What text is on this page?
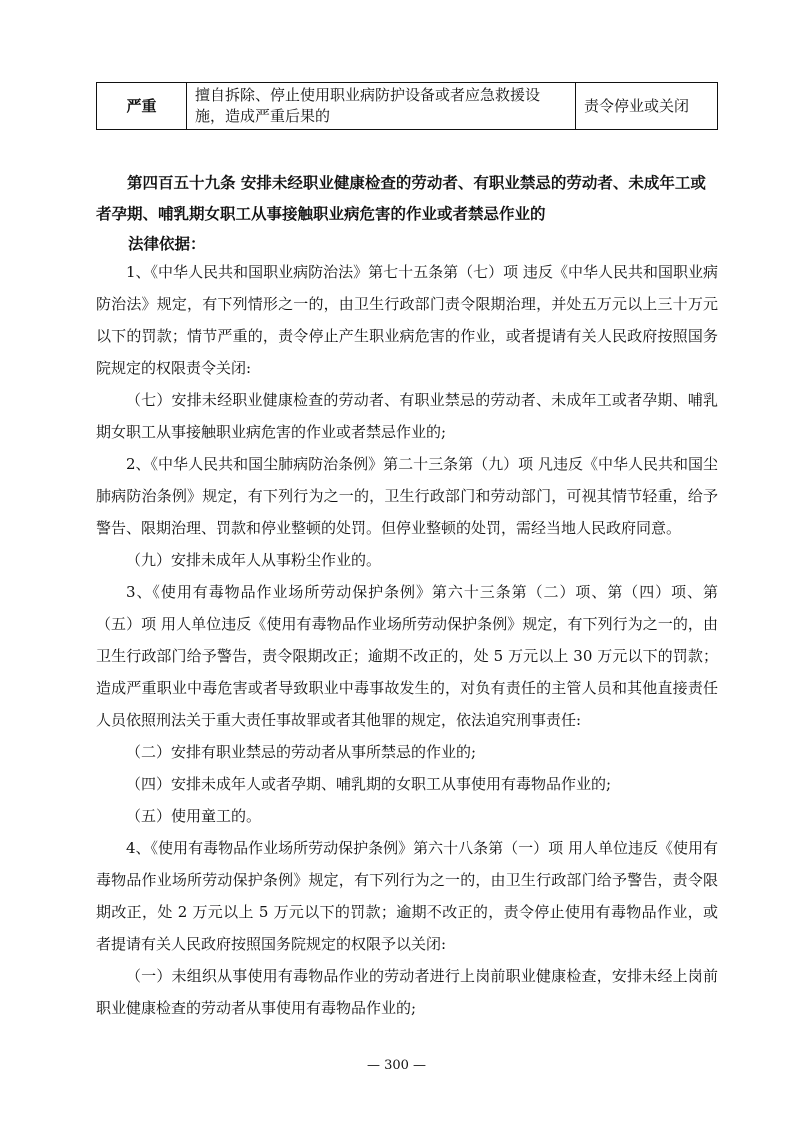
严重
擅自拆除、停止使用职业病防护设备或者应急救援设施，造成严重后果的
责令停业或关闭
第四百五十九条 安排未经职业健康检查的劳动者、有职业禁忌的劳动者、未成年工或者孕期、哺乳期女职工从事接触职业病危害的作业或者禁忌作业的
法律依据：

1、《中华人民共和国职业病防治法》第七十五条第（七）项 违反《中华人民共和国职业病防治法》规定，有下列情形之一的，由卫生行政部门责令限期治理，并处五万元以上三十万元以下的罚款；情节严重的，责令停止产生职业病危害的作业，或者提请有关人民政府按照国务院规定的权限责令关闭:

（七）安排未经职业健康检查的劳动者、有职业禁忌的劳动者、未成年工或者孕期、哺乳期女职工从事接触职业病危害的作业或者禁忌作业的;

2、《中华人民共和国尘肺病防治条例》第二十三条第（九）项 凡违反《中华人民共和国尘肺病防治条例》规定，有下列行为之一的，卫生行政部门和劳动部门，可视其情节轻重，给予警告、限期治理、罚款和停业整顿的处罚。但停业整顿的处罚，需经当地人民政府同意。

（九）安排未成年人从事粉尘作业的。

3、《使用有毒物品作业场所劳动保护条例》第六十三条第（二）项、第（四）项、第（五）项 用人单位违反《使用有毒物品作业场所劳动保护条例》规定，有下列行为之一的，由卫生行政部门给予警告，责令限期改正；逾期不改正的，处 5 万元以上 30 万元以下的罚款；造成严重职业中毒危害或者导致职业中毒事故发生的，对负有责任的主管人员和其他直接责任人员依照刑法关于重大责任事故罪或者其他罪的规定，依法追究刑事责任:

（二）安排有职业禁忌的劳动者从事所禁忌的作业的;

（四）安排未成年人或者孕期、哺乳期的女职工从事使用有毒物品作业的;

（五）使用童工的。

4、《使用有毒物品作业场所劳动保护条例》第六十八条第（一）项 用人单位违反《使用有毒物品作业场所劳动保护条例》规定，有下列行为之一的，由卫生行政部门给予警告，责令限期改正，处 2 万元以上 5 万元以下的罚款；逾期不改正的，责令停止使用有毒物品作业，或者提请有关人民政府按照国务院规定的权限予以关闭:

（一）未组织从事使用有毒物品作业的劳动者进行上岗前职业健康检查，安排未经上岗前职业健康检查的劳动者从事使用有毒物品作业的;

— 300 —
